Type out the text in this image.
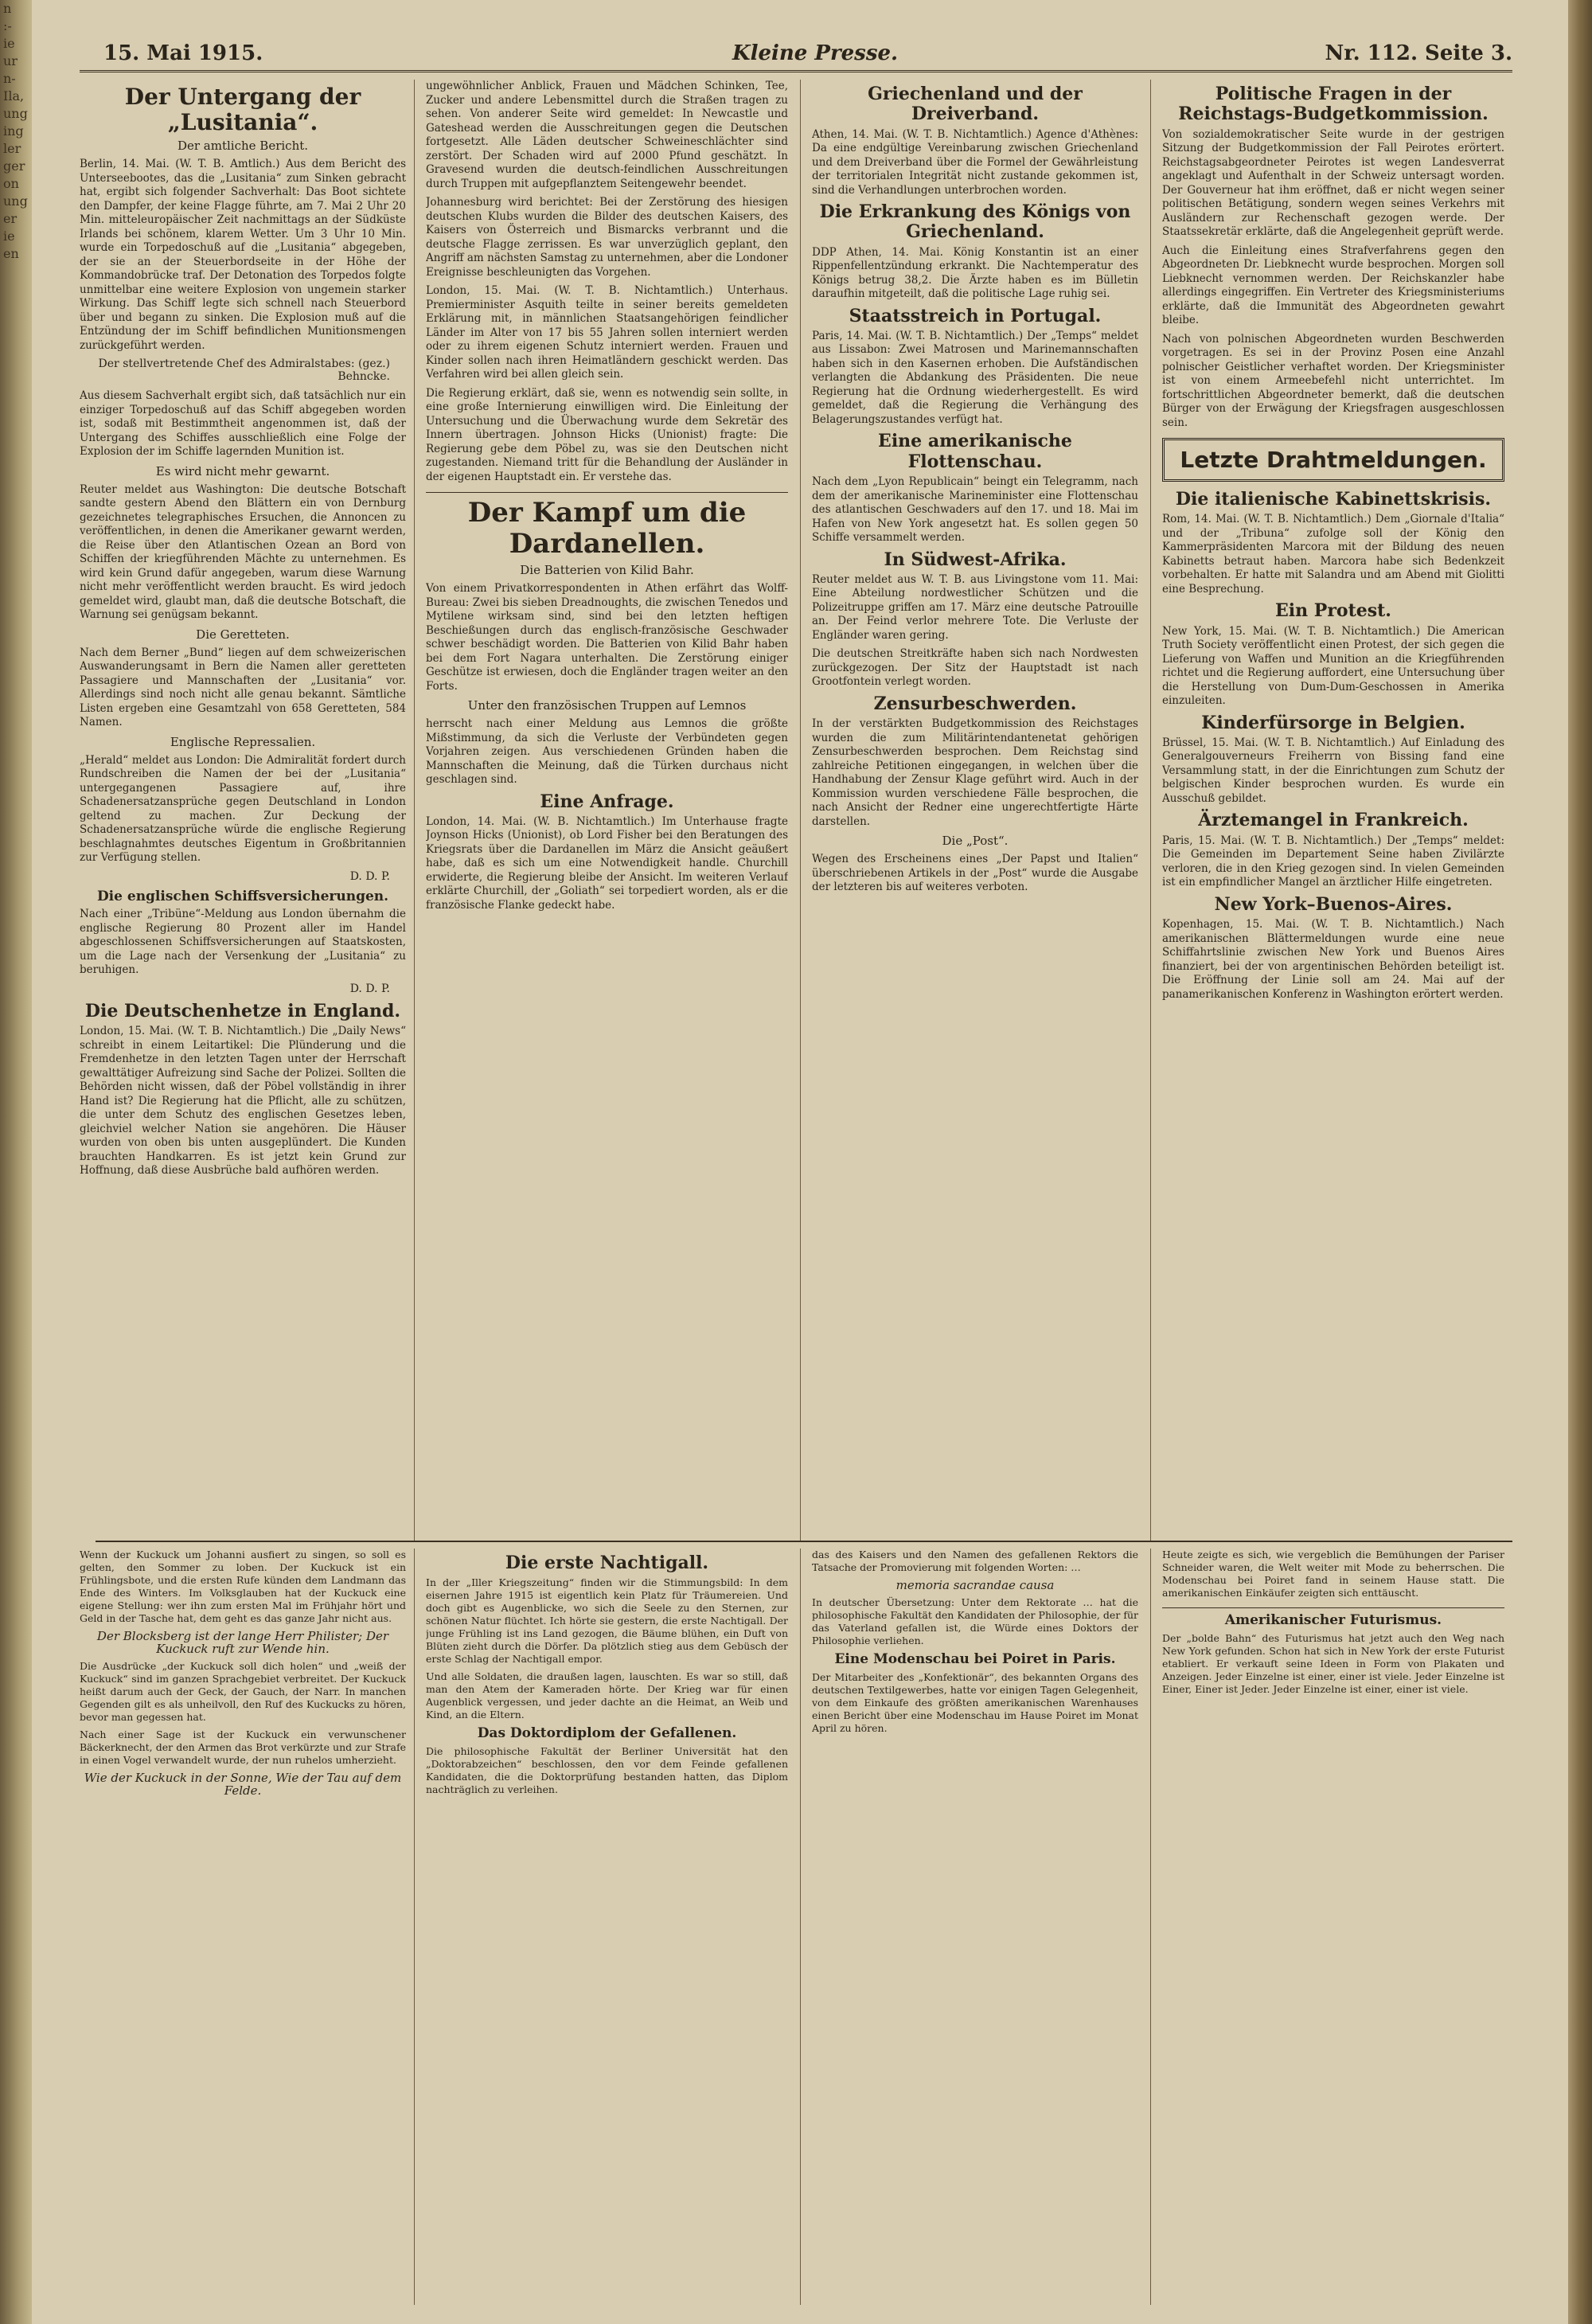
n
:-
ie
ur
n-
Ila,
ung
ing
ler
ger
on
ung
er
ie
en
15. Mai 1915.	Kleine Presse.	Nr. 112. Seite 3.
Der Untergang der „Lusitania“.
Der amtliche Bericht.

Berlin, 14. Mai. (W. T. B. Amtlich.) Aus dem Bericht des Unterseebootes, das die „Lusitania“ zum Sinken gebracht hat, ergibt sich folgender Sachverhalt: Das Boot sichtete den Dampfer, der keine Flagge führte, am 7. Mai 2 Uhr 20 Min. mitteleuropäischer Zeit nachmittags an der Südküste Irlands bei schönem, klarem Wetter. Um 3 Uhr 10 Min. wurde ein Torpedoschuß auf die „Lusitania“ abgegeben, der sie an der Steuerbordseite in der Höhe der Kommandobrücke traf. Der Detonation des Torpedos folgte unmittelbar eine weitere Explosion von ungemein starker Wirkung. Das Schiff legte sich schnell nach Steuerbord über und begann zu sinken. Die Explosion muß auf die Entzündung der im Schiff befindlichen Munitionsmengen zurückgeführt werden.

Der stellvertretende Chef des Admiralstabes: (gez.) Behncke.

Aus diesem Sachverhalt ergibt sich, daß tatsächlich nur ein einziger Torpedoschuß auf das Schiff abgegeben worden ist, sodaß mit Bestimmtheit angenommen ist, daß der Untergang des Schiffes ausschließlich eine Folge der Explosion der im Schiffe lagernden Munition ist.

Es wird nicht mehr gewarnt.

Reuter meldet aus Washington: Die deutsche Botschaft sandte gestern Abend den Blättern ein von Dernburg gezeichnetes telegraphisches Ersuchen, die Annoncen zu veröffentlichen, in denen die Amerikaner gewarnt werden, die Reise über den Atlantischen Ozean an Bord von Schiffen der kriegführenden Mächte zu unternehmen. Es wird kein Grund dafür angegeben, warum diese Warnung nicht mehr veröffentlicht werden braucht. Es wird jedoch gemeldet wird, glaubt man, daß die deutsche Botschaft, die Warnung sei genügsam bekannt.

Die Geretteten.

Nach dem Berner „Bund“ liegen auf dem schweizerischen Auswanderungsamt in Bern die Namen aller geretteten Passagiere und Mannschaften der „Lusitania“ vor. Allerdings sind noch nicht alle genau bekannt. Sämtliche Listen ergeben eine Gesamtzahl von 658 Geretteten, 584 Namen.

Englische Repressalien.

„Herald“ meldet aus London: Die Admiralität fordert durch Rundschreiben die Namen der bei der „Lusitania“ untergegangenen Passagiere auf, ihre Schadenersatzansprüche gegen Deutschland in London geltend zu machen. Zur Deckung der Schadenersatzansprüche würde die englische Regierung beschlagnahmtes deutsches Eigentum in Großbritannien zur Verfügung stellen.

D. D. P.
Die englischen Schiffsversicherungen.

Nach einer „Tribüne“-Meldung aus London übernahm die englische Regierung 80 Prozent aller im Handel abgeschlossenen Schiffsversicherungen auf Staatskosten, um die Lage nach der Versenkung der „Lusitania“ zu beruhigen.

D. D. P.
Die Deutschenhetze in England.

London, 15. Mai. (W. T. B. Nichtamtlich.) Die „Daily News“ schreibt in einem Leitartikel: Die Plünderung und die Fremdenhetze in den letzten Tagen unter der Herrschaft gewalttätiger Aufreizung sind Sache der Polizei. Sollten die Behörden nicht wissen, daß der Pöbel vollständig in ihrer Hand ist? Die Regierung hat die Pflicht, alle zu schützen, die unter dem Schutz des englischen Gesetzes leben, gleichviel welcher Nation sie angehören. Die Häuser wurden von oben bis unten ausgeplündert. Die Kunden brauchten Handkarren. Es ist jetzt kein Grund zur Hoffnung, daß diese Ausbrüche bald aufhören werden.

ungewöhnlicher Anblick, Frauen und Mädchen Schinken, Tee, Zucker und andere Lebensmittel durch die Straßen tragen zu sehen. Von anderer Seite wird gemeldet: In Newcastle und Gateshead werden die Ausschreitungen gegen die Deutschen fortgesetzt. Alle Läden deutscher Schweineschlächter sind zerstört. Der Schaden wird auf 2000 Pfund geschätzt. In Gravesend wurden die deutsch-feindlichen Ausschreitungen durch Truppen mit aufgepflanztem Seitengewehr beendet.

Johannesburg wird berichtet: Bei der Zerstörung des hiesigen deutschen Klubs wurden die Bilder des deutschen Kaisers, des Kaisers von Österreich und Bismarcks verbrannt und die deutsche Flagge zerrissen. Es war unverzüglich geplant, den Angriff am nächsten Samstag zu unternehmen, aber die Londoner Ereignisse beschleunigten das Vorgehen.

London, 15. Mai. (W. T. B. Nichtamtlich.) Unterhaus. Premierminister Asquith teilte in seiner bereits gemeldeten Erklärung mit, in männlichen Staatsangehörigen feindlicher Länder im Alter von 17 bis 55 Jahren sollen interniert werden oder zu ihrem eigenen Schutz interniert werden. Frauen und Kinder sollen nach ihren Heimatländern geschickt werden. Das Verfahren wird bei allen gleich sein.

Die Regierung erklärt, daß sie, wenn es notwendig sein sollte, in eine große Internierung einwilligen wird. Die Einleitung der Untersuchung und die Überwachung wurde dem Sekretär des Innern übertragen. Johnson Hicks (Unionist) fragte: Die Regierung gebe dem Pöbel zu, was sie den Deutschen nicht zugestanden. Niemand tritt für die Behandlung der Ausländer in der eigenen Hauptstadt ein. Er verstehe das.

Der Kampf um die Dardanellen.
Die Batterien von Kilid Bahr.

Von einem Privatkorrespondenten in Athen erfährt das Wolff-Bureau: Zwei bis sieben Dreadnoughts, die zwischen Tenedos und Mytilene wirksam sind, sind bei den letzten heftigen Beschießungen durch das englisch-französische Geschwader schwer beschädigt worden. Die Batterien von Kilid Bahr haben bei dem Fort Nagara unterhalten. Die Zerstörung einiger Geschütze ist erwiesen, doch die Engländer tragen weiter an den Forts.

Unter den französischen Truppen auf Lemnos

herrscht nach einer Meldung aus Lemnos die größte Mißstimmung, da sich die Verluste der Verbündeten gegen Vorjahren zeigen. Aus verschiedenen Gründen haben die Mannschaften die Meinung, daß die Türken durchaus nicht geschlagen sind.

Eine Anfrage.

London, 14. Mai. (W. B. Nichtamtlich.) Im Unterhause fragte Joynson Hicks (Unionist), ob Lord Fisher bei den Beratungen des Kriegsrats über die Dardanellen im März die Ansicht geäußert habe, daß es sich um eine Notwendigkeit handle. Churchill erwiderte, die Regierung bleibe der Ansicht. Im weiteren Verlauf erklärte Churchill, der „Goliath“ sei torpediert worden, als er die französische Flanke gedeckt habe.

Griechenland und der Dreiverband.

Athen, 14. Mai. (W. T. B. Nichtamtlich.) Agence d'Athènes: Da eine endgültige Vereinbarung zwischen Griechenland und dem Dreiverband über die Formel der Gewährleistung der territorialen Integrität nicht zustande gekommen ist, sind die Verhandlungen unterbrochen worden.

Die Erkrankung des Königs von Griechenland.

DDP Athen, 14. Mai. König Konstantin ist an einer Rippenfellentzündung erkrankt. Die Nachtemperatur des Königs betrug 38,2. Die Ärzte haben es im Bülletin daraufhin mitgeteilt, daß die politische Lage ruhig sei.

Staatsstreich in Portugal.

Paris, 14. Mai. (W. T. B. Nichtamtlich.) Der „Temps“ meldet aus Lissabon: Zwei Matrosen und Marinemannschaften haben sich in den Kasernen erhoben. Die Aufständischen verlangten die Abdankung des Präsidenten. Die neue Regierung hat die Ordnung wiederhergestellt. Es wird gemeldet, daß die Regierung die Verhängung des Belagerungszustandes verfügt hat.

Eine amerikanische Flottenschau.

Nach dem „Lyon Republicain“ beingt ein Telegramm, nach dem der amerikanische Marineminister eine Flottenschau des atlantischen Geschwaders auf den 17. und 18. Mai im Hafen von New York angesetzt hat. Es sollen gegen 50 Schiffe versammelt werden.

In Südwest-Afrika.

Reuter meldet aus W. T. B. aus Livingstone vom 11. Mai: Eine Abteilung nordwestlicher Schützen und die Polizeitruppe griffen am 17. März eine deutsche Patrouille an. Der Feind verlor mehrere Tote. Die Verluste der Engländer waren gering.

Die deutschen Streitkräfte haben sich nach Nordwesten zurückgezogen. Der Sitz der Hauptstadt ist nach Grootfontein verlegt worden.

Zensurbeschwerden.

In der verstärkten Budgetkommission des Reichstages wurden die zum Militärintendantenetat gehörigen Zensurbeschwerden besprochen. Dem Reichstag sind zahlreiche Petitionen eingegangen, in welchen über die Handhabung der Zensur Klage geführt wird. Auch in der Kommission wurden verschiedene Fälle besprochen, die nach Ansicht der Redner eine ungerechtfertigte Härte darstellen.

Die „Post“.

Wegen des Erscheinens eines „Der Papst und Italien“ überschriebenen Artikels in der „Post“ wurde die Ausgabe der letzteren bis auf weiteres verboten.

Politische Fragen in der Reichstags-Budgetkommission.

Von sozialdemokratischer Seite wurde in der gestrigen Sitzung der Budgetkommission der Fall Peirotes erörtert. Reichstagsabgeordneter Peirotes ist wegen Landesverrat angeklagt und Aufenthalt in der Schweiz untersagt worden. Der Gouverneur hat ihm eröffnet, daß er nicht wegen seiner politischen Betätigung, sondern wegen seines Verkehrs mit Ausländern zur Rechenschaft gezogen werde. Der Staatssekretär erklärte, daß die Angelegenheit geprüft werde.

Auch die Einleitung eines Strafverfahrens gegen den Abgeordneten Dr. Liebknecht wurde besprochen. Morgen soll Liebknecht vernommen werden. Der Reichskanzler habe allerdings eingegriffen. Ein Vertreter des Kriegsministeriums erklärte, daß die Immunität des Abgeordneten gewahrt bleibe.

Nach von polnischen Abgeordneten wurden Beschwerden vorgetragen. Es sei in der Provinz Posen eine Anzahl polnischer Geistlicher verhaftet worden. Der Kriegsminister ist von einem Armeebefehl nicht unterrichtet. Im fortschrittlichen Abgeordneter bemerkt, daß die deutschen Bürger von der Erwägung der Kriegsfragen ausgeschlossen sein.

Letzte Drahtmeldungen.
Die italienische Kabinettskrisis.

Rom, 14. Mai. (W. T. B. Nichtamtlich.) Dem „Giornale d'Italia“ und der „Tribuna“ zufolge soll der König den Kammerpräsidenten Marcora mit der Bildung des neuen Kabinetts betraut haben. Marcora habe sich Bedenkzeit vorbehalten. Er hatte mit Salandra und am Abend mit Giolitti eine Besprechung.

Ein Protest.

New York, 15. Mai. (W. T. B. Nichtamtlich.) Die American Truth Society veröffentlicht einen Protest, der sich gegen die Lieferung von Waffen und Munition an die Kriegführenden richtet und die Regierung auffordert, eine Untersuchung über die Herstellung von Dum-Dum-Geschossen in Amerika einzuleiten.

Kinderfürsorge in Belgien.

Brüssel, 15. Mai. (W. T. B. Nichtamtlich.) Auf Einladung des Generalgouverneurs Freiherrn von Bissing fand eine Versammlung statt, in der die Einrichtungen zum Schutz der belgischen Kinder besprochen wurden. Es wurde ein Ausschuß gebildet.

Ärztemangel in Frankreich.

Paris, 15. Mai. (W. T. B. Nichtamtlich.) Der „Temps“ meldet: Die Gemeinden im Departement Seine haben Zivilärzte verloren, die in den Krieg gezogen sind. In vielen Gemeinden ist ein empfindlicher Mangel an ärztlicher Hilfe eingetreten.

New York–Buenos-Aires.

Kopenhagen, 15. Mai. (W. T. B. Nichtamtlich.) Nach amerikanischen Blättermeldungen wurde eine neue Schiffahrtslinie zwischen New York und Buenos Aires finanziert, bei der von argentinischen Behörden beteiligt ist. Die Eröffnung der Linie soll am 24. Mai auf der panamerikanischen Konferenz in Washington erörtert werden.

Wenn der Kuckuck um Johanni ausfiert zu singen, so soll es gelten, den Sommer zu loben. Der Kuckuck ist ein Frühlingsbote, und die ersten Rufe künden dem Landmann das Ende des Winters. Im Volksglauben hat der Kuckuck eine eigene Stellung: wer ihn zum ersten Mal im Frühjahr hört und Geld in der Tasche hat, dem geht es das ganze Jahr nicht aus.

Der Blocksberg ist der lange Herr Philister; Der Kuckuck ruft zur Wende hin.

Die Ausdrücke „der Kuckuck soll dich holen“ und „weiß der Kuckuck“ sind im ganzen Sprachgebiet verbreitet. Der Kuckuck heißt darum auch der Geck, der Gauch, der Narr. In manchen Gegenden gilt es als unheilvoll, den Ruf des Kuckucks zu hören, bevor man gegessen hat.

Nach einer Sage ist der Kuckuck ein verwunschener Bäckerknecht, der den Armen das Brot verkürzte und zur Strafe in einen Vogel verwandelt wurde, der nun ruhelos umherzieht.

Wie der Kuckuck in der Sonne, Wie der Tau auf dem Felde.

Die erste Nachtigall.

In der „Iller Kriegszeitung“ finden wir die Stimmungsbild: In dem eisernen Jahre 1915 ist eigentlich kein Platz für Träumereien. Und doch gibt es Augenblicke, wo sich die Seele zu den Sternen, zur schönen Natur flüchtet. Ich hörte sie gestern, die erste Nachtigall. Der junge Frühling ist ins Land gezogen, die Bäume blühen, ein Duft von Blüten zieht durch die Dörfer. Da plötzlich stieg aus dem Gebüsch der erste Schlag der Nachtigall empor.

Und alle Soldaten, die draußen lagen, lauschten. Es war so still, daß man den Atem der Kameraden hörte. Der Krieg war für einen Augenblick vergessen, und jeder dachte an die Heimat, an Weib und Kind, an die Eltern.

Das Doktordiplom der Gefallenen.

Die philosophische Fakultät der Berliner Universität hat den „Doktorabzeichen“ beschlossen, den vor dem Feinde gefallenen Kandidaten, die die Doktorprüfung bestanden hatten, das Diplom nachträglich zu verleihen.

das des Kaisers und den Namen des gefallenen Rektors die Tatsache der Promovierung mit folgenden Worten: …

memoria sacrandae causa

In deutscher Übersetzung: Unter dem Rektorate … hat die philosophische Fakultät den Kandidaten der Philosophie, der für das Vaterland gefallen ist, die Würde eines Doktors der Philosophie verliehen.

Eine Modenschau bei Poiret in Paris.

Der Mitarbeiter des „Konfektionär“, des bekannten Organs des deutschen Textilgewerbes, hatte vor einigen Tagen Gelegenheit, von dem Einkaufe des größten amerikanischen Warenhauses einen Bericht über eine Modenschau im Hause Poiret im Monat April zu hören.

Heute zeigte es sich, wie vergeblich die Bemühungen der Pariser Schneider waren, die Welt weiter mit Mode zu beherrschen. Die Modenschau bei Poiret fand in seinem Hause statt. Die amerikanischen Einkäufer zeigten sich enttäuscht.

Amerikanischer Futurismus.

Der „bolde Bahn“ des Futurismus hat jetzt auch den Weg nach New York gefunden. Schon hat sich in New York der erste Futurist etabliert. Er verkauft seine Ideen in Form von Plakaten und Anzeigen. Jeder Einzelne ist einer, einer ist viele. Jeder Einzelne ist Einer, Einer ist Jeder. Jeder Einzelne ist einer, einer ist viele.
